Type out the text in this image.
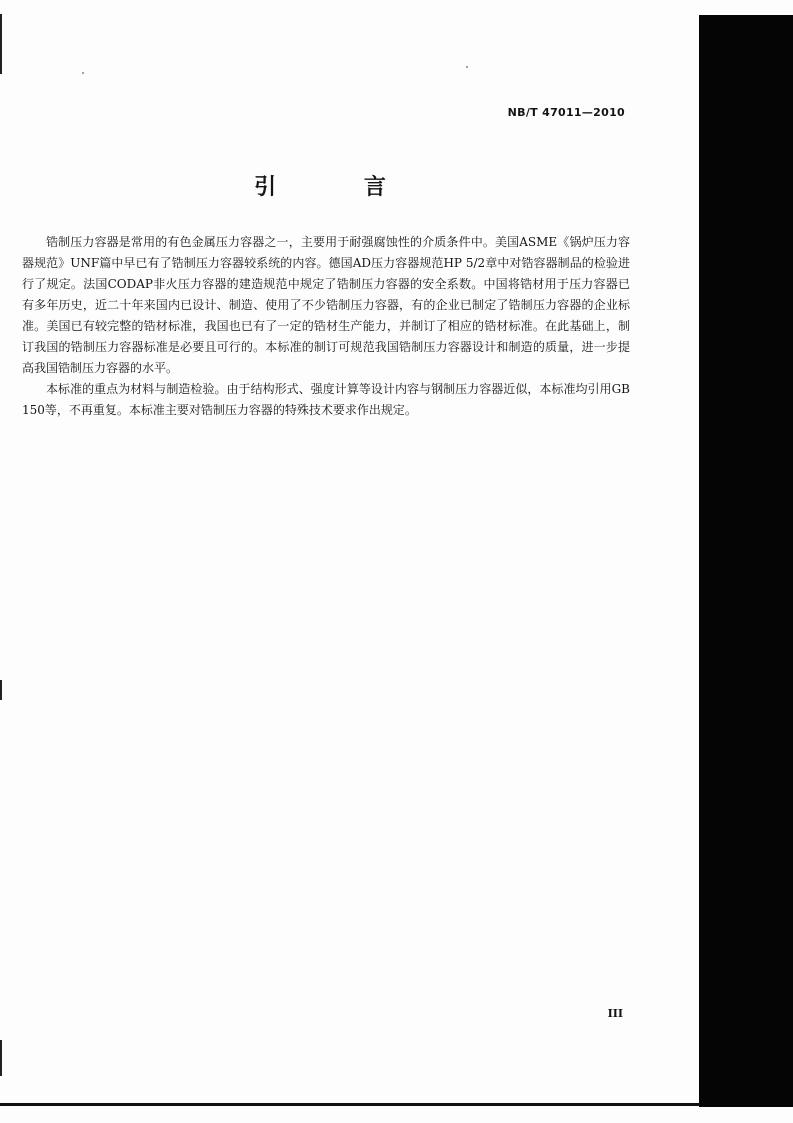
NB/T 47011—2010
引 言

锆制压力容器是常用的有色金属压力容器之一，主要用于耐强腐蚀性的介质条件中。美国ASME《锅炉压力容器规范》UNF篇中早已有了锆制压力容器较系统的内容。德国AD压力容器规范HP 5/2章中对锆容器制品的检验进行了规定。法国CODAP非火压力容器的建造规范中规定了锆制压力容器的安全系数。中国将锆材用于压力容器已有多年历史，近二十年来国内已设计、制造、使用了不少锆制压力容器，有的企业已制定了锆制压力容器的企业标准。美国已有较完整的锆材标准，我国也已有了一定的锆材生产能力，并制订了相应的锆材标准。在此基础上，制订我国的锆制压力容器标准是必要且可行的。本标准的制订可规范我国锆制压力容器设计和制造的质量，进一步提高我国锆制压力容器的水平。

本标准的重点为材料与制造检验。由于结构形式、强度计算等设计内容与钢制压力容器近似，本标准均引用GB 150等，不再重复。本标准主要对锆制压力容器的特殊技术要求作出规定。

III
